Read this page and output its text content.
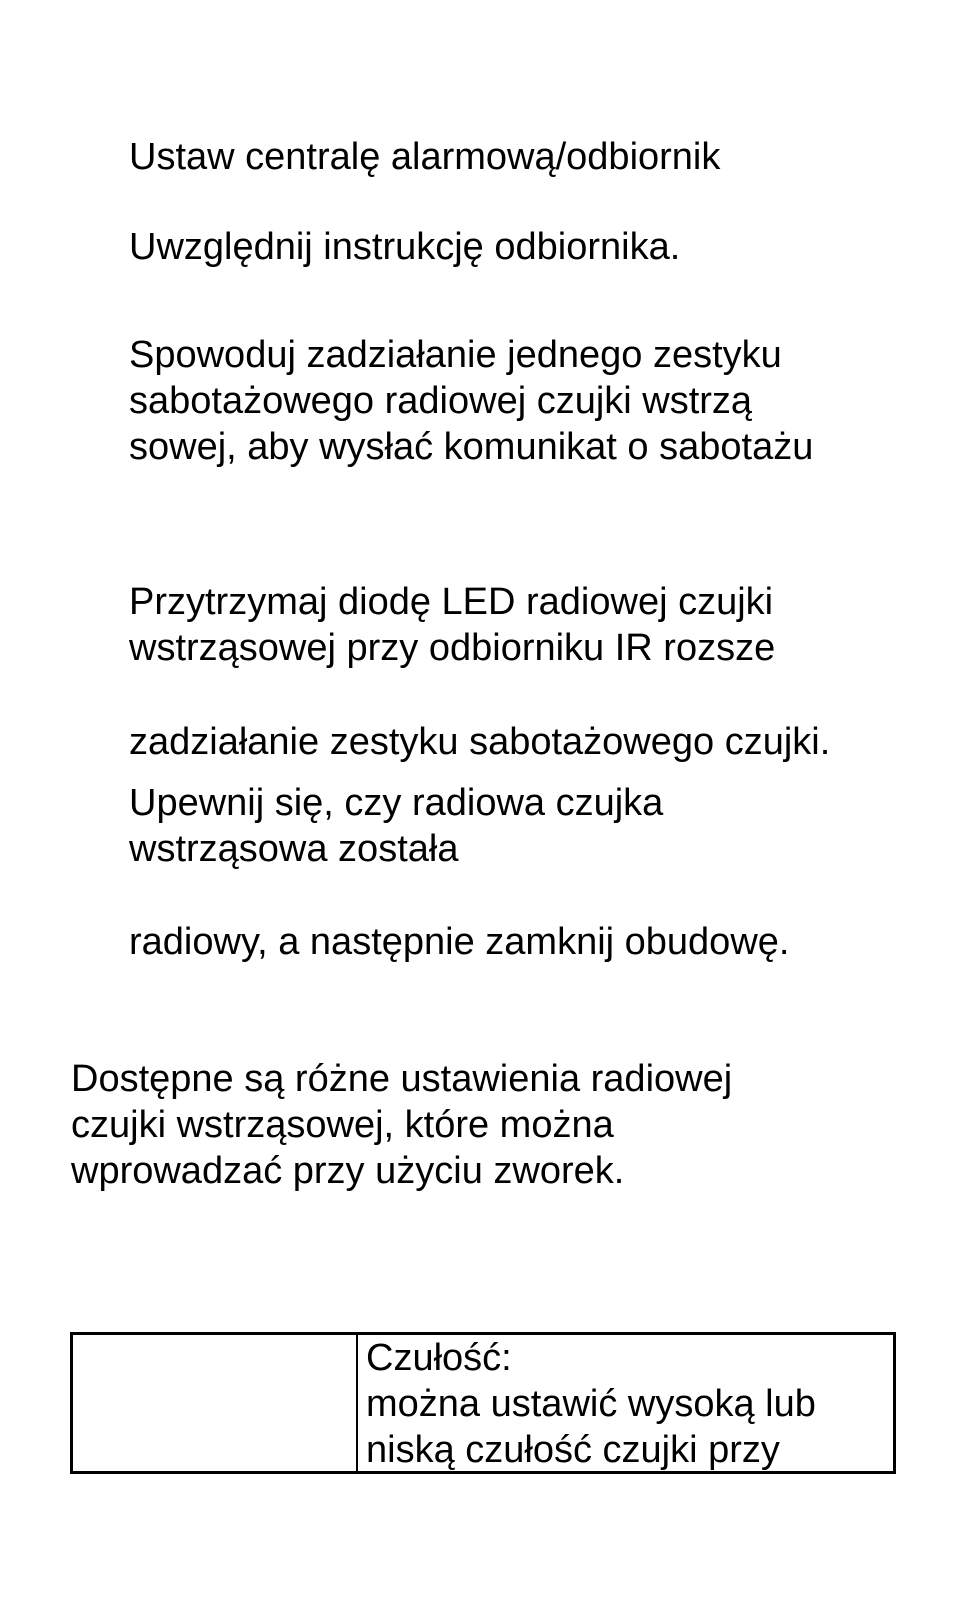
Ustaw centralę alarmową/odbiornik

Uwzględnij instrukcję odbiornika.

Spowoduj zadziałanie jednego zestyku

sabotażowego radiowej czujki wstrzą

sowej, aby wysłać komunikat o sabotażu

Przytrzymaj diodę LED radiowej czujki

wstrząsowej przy odbiorniku IR rozsze

zadziałanie zestyku sabotażowego czujki.

Upewnij się, czy radiowa czujka

wstrząsowa została

radiowy, a następnie zamknij obudowę.

Dostępne są różne ustawienia radiowej

czujki wstrząsowej, które można

wprowadzać przy użyciu zworek.

Czułość:
można ustawić wysoką lub
niską czułość czujki przy
